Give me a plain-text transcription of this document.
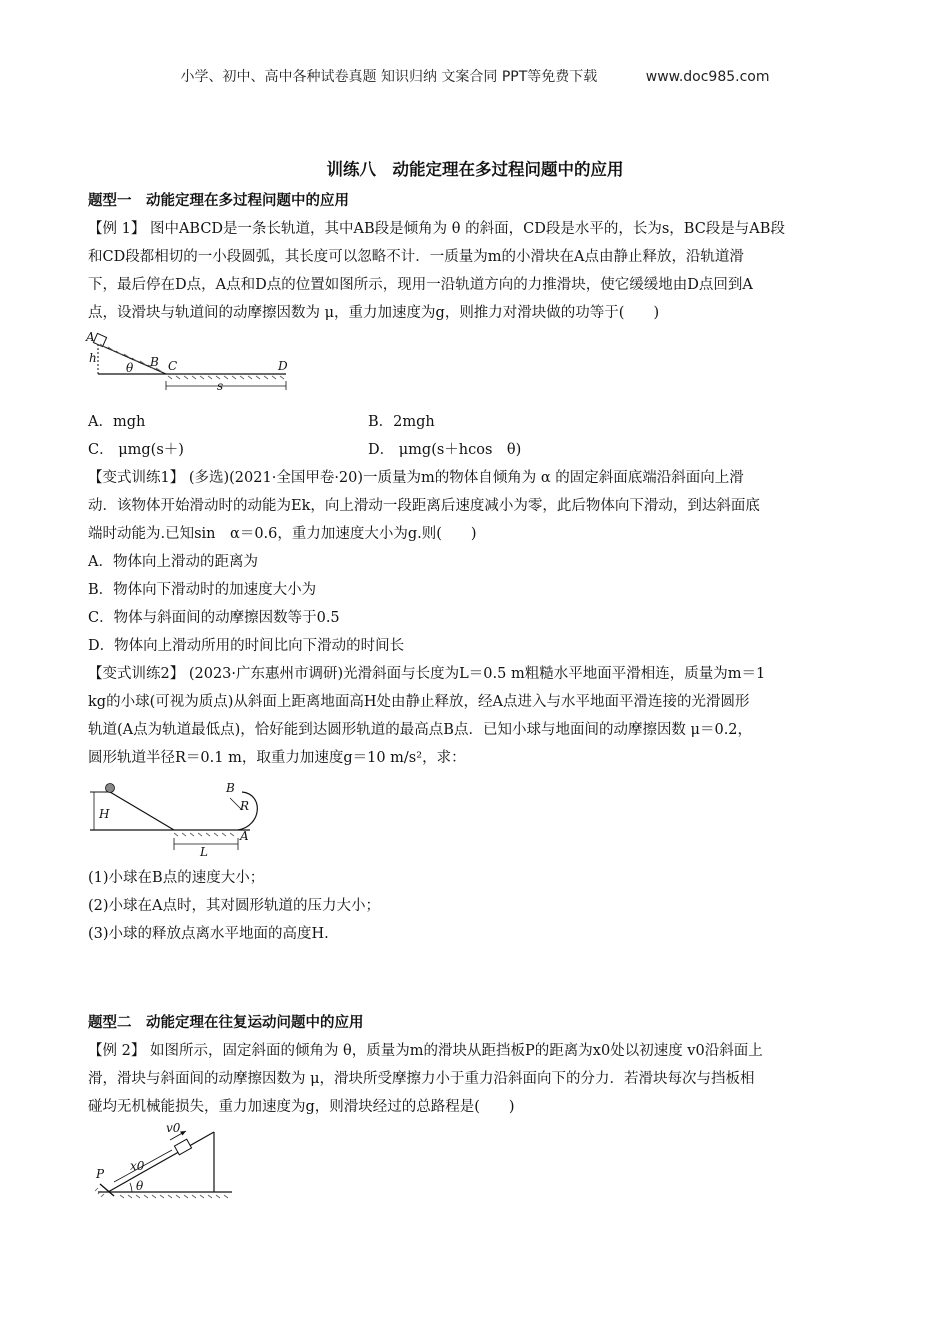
小学、初中、高中各种试卷真题 知识归纳 文案合同 PPT等免费下载	www.doc985.com
训练八　动能定理在多过程问题中的应用
题型一　动能定理在多过程问题中的应用
【例 1】 图中ABCD是一条长轨道，其中AB段是倾角为 θ 的斜面，CD段是水平的，长为s，BC段是与AB段
和CD段都相切的一小段圆弧，其长度可以忽略不计．一质量为m的小滑块在A点由静止释放，沿轨道滑
下，最后停在D点，A点和D点的位置如图所示，现用一沿轨道方向的力推滑块，使它缓缓地由D点回到A
点，设滑块与轨道间的动摩擦因数为 μ，重力加速度为g，则推力对滑块做的功等于(　　)
A
h
θ B C	D
s
A．mgh	B．2mgh
C． μmg(s＋)	D． μmg(s＋hcos　θ)
【变式训练1】 (多选)(2021·全国甲卷·20)一质量为m的物体自倾角为 α 的固定斜面底端沿斜面向上滑
动．该物体开始滑动时的动能为Ek，向上滑动一段距离后速度减小为零，此后物体向下滑动，到达斜面底
端时动能为.已知sin　α＝0.6，重力加速度大小为g.则(　　)
A．物体向上滑动的距离为
B．物体向下滑动时的加速度大小为
C．物体与斜面间的动摩擦因数等于0.5
D．物体向上滑动所用的时间比向下滑动的时间长
【变式训练2】 (2023·广东惠州市调研)光滑斜面与长度为L＝0.5 m粗糙水平地面平滑相连，质量为m＝1
kg的小球(可视为质点)从斜面上距离地面高H处由静止释放，经A点进入与水平地面平滑连接的光滑圆形
轨道(A点为轨道最低点)，恰好能到达圆形轨道的最高点B点．已知小球与地面间的动摩擦因数 μ＝0.2，
圆形轨道半径R＝0.1 m，取重力加速度g＝10 m/s²，求：
H
L
A
B
R
(1)小球在B点的速度大小；
(2)小球在A点时，其对圆形轨道的压力大小；
(3)小球的释放点离水平地面的高度H.
题型二　动能定理在往复运动问题中的应用
【例 2】 如图所示，固定斜面的倾角为 θ，质量为m的滑块从距挡板P的距离为x0处以初速度 v0沿斜面上
滑，滑块与斜面间的动摩擦因数为 μ，滑块所受摩擦力小于重力沿斜面向下的分力．若滑块每次与挡板相
碰均无机械能损失，重力加速度为g，则滑块经过的总路程是(　　)
P
x0
v0
θ
